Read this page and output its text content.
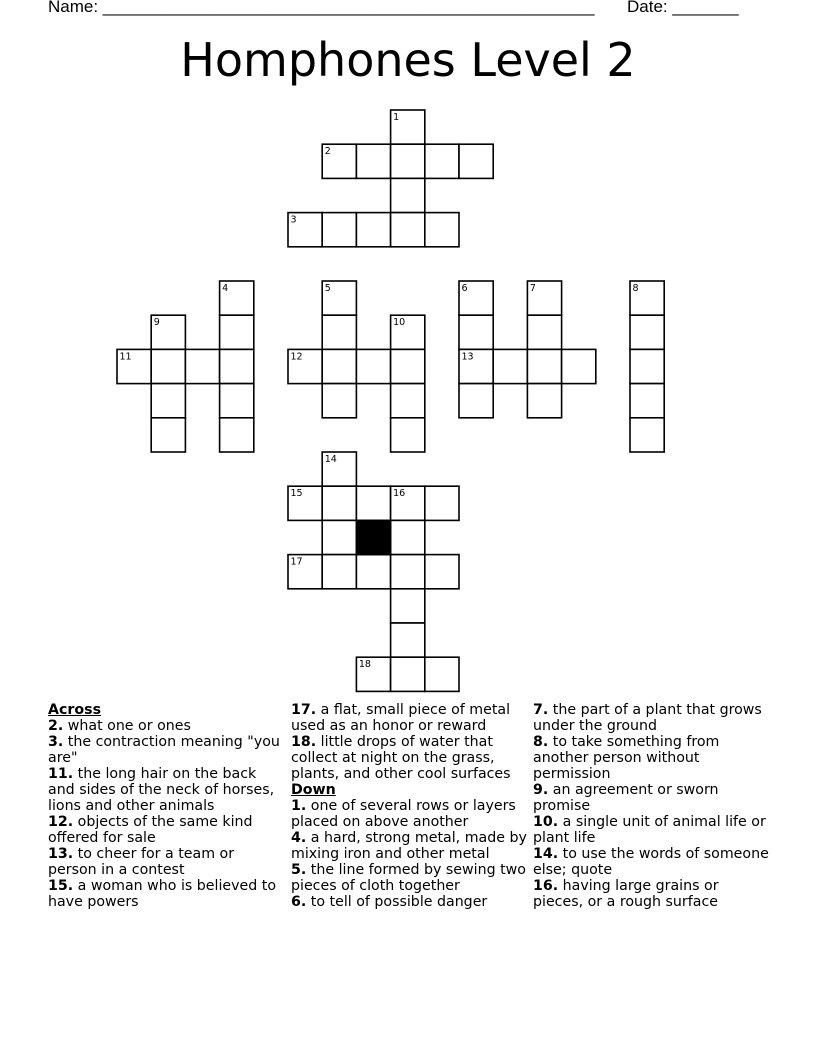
Name: ____________________________________________________ Date: _______
Homphones Level 2
1
2
3
4	5	6	7	8
9	10
11	12	13
14
15	16
17
18
Across
2. what one or ones
3. the contraction meaning "you are"
11. the long hair on the back and sides of the neck of horses, lions and other animals
12. objects of the same kind offered for sale
13. to cheer for a team or person in a contest
15. a woman who is believed to have powers
17. a flat, small piece of metal used as an honor or reward
18. little drops of water that collect at night on the grass, plants, and other cool surfaces
Down
1. one of several rows or layers placed on above another
4. a hard, strong metal, made by mixing iron and other metal
5. the line formed by sewing two pieces of cloth together
6. to tell of possible danger
7. the part of a plant that grows under the ground
8. to take something from another person without permission
9. an agreement or sworn promise
10. a single unit of animal life or plant life
14. to use the words of someone else; quote
16. having large grains or pieces, or a rough surface
